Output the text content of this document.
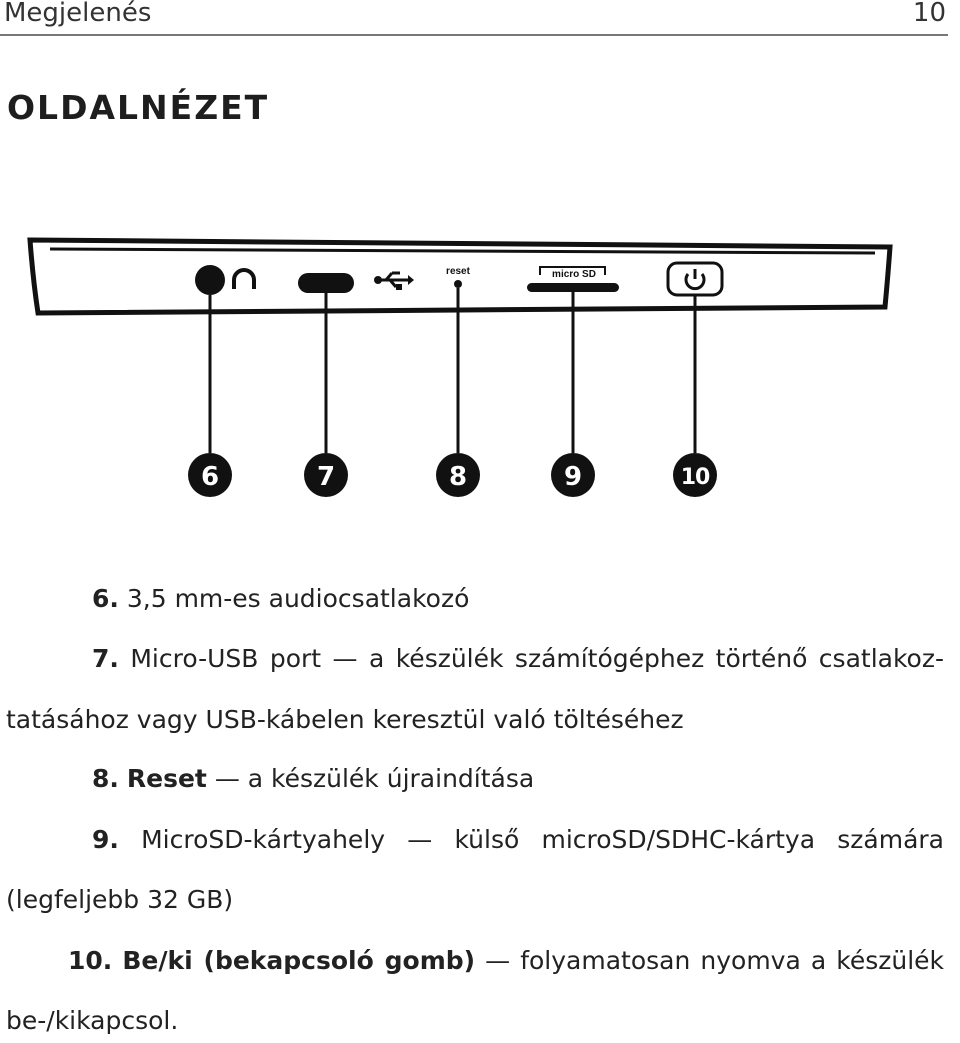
Megjelenés	10
OLDALNÉZET
reset	micro SD
6	7	8	9	10
6. 3,5 mm-es audiocsatlakozó
7. Micro-USB port — a készülék számítógéphez történő csatlakoz-
tatásához vagy USB-kábelen keresztül való töltéséhez
8. Reset — a készülék újraindítása
9. MicroSD-kártyahely — külső microSD/SDHC-kártya számára
(legfeljebb 32 GB)
10. Be/ki (bekapcsoló gomb) — folyamatosan nyomva a készülék
be-/kikapcsol.
